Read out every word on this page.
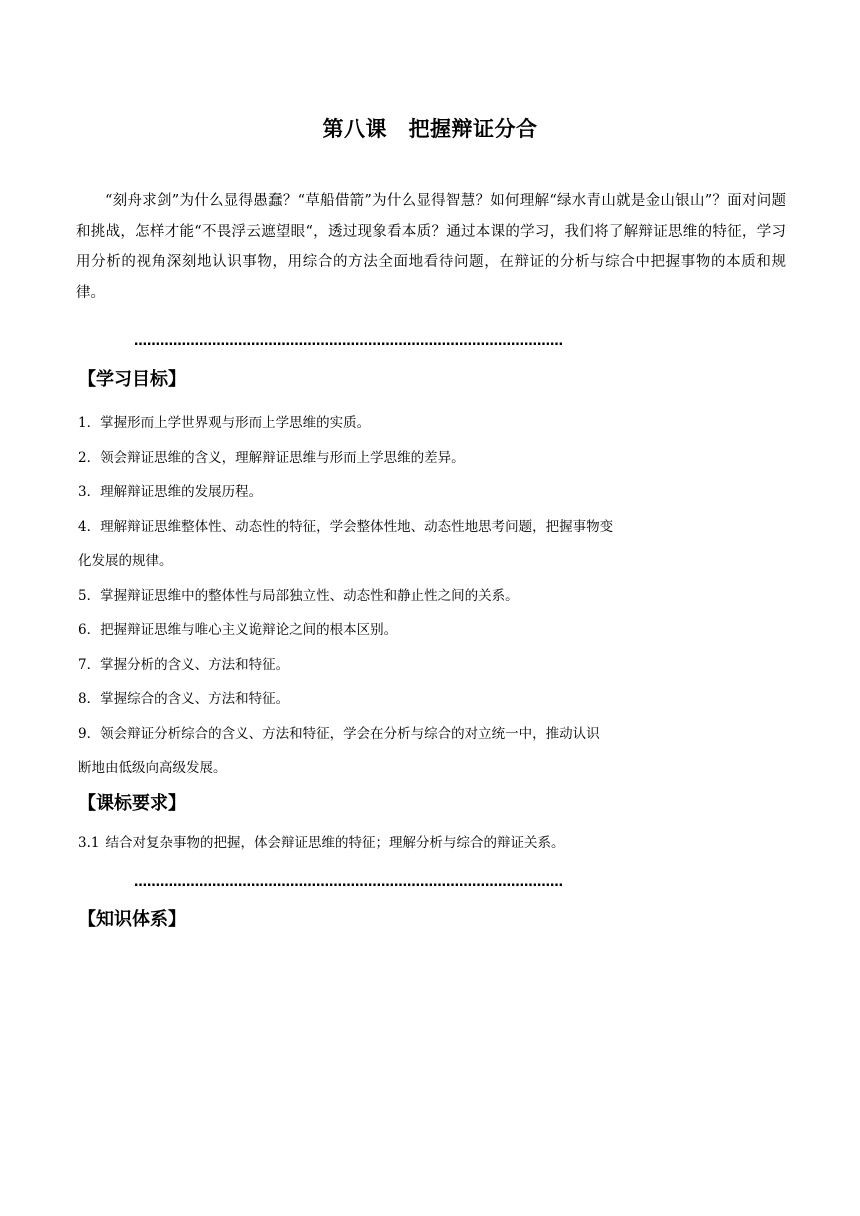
第八课　把握辩证分合
“刻舟求剑”为什么显得愚蠢？“草船借箭”为什么显得智慧？如何理解“绿水青山就是金山银山”？面对问题和挑战，怎样才能“不畏浮云遮望眼“，透过现象看本质？通过本课的学习，我们将了解辩证思维的特征，学习用分析的视角深刻地认识事物，用综合的方法全面地看待问题，在辩证的分析与综合中把握事物的本质和规律。
………………………………………………………………………………………
【学习目标】
1．掌握形而上学世界观与形而上学思维的实质。
2．领会辩证思维的含义，理解辩证思维与形而上学思维的差异。
3．理解辩证思维的发展历程。
4．理解辩证思维整体性、动态性的特征，学会整体性地、动态性地思考问题，把握事物变
化发展的规律。
5．掌握辩证思维中的整体性与局部独立性、动态性和静止性之间的关系。
6．把握辩证思维与唯心主义诡辩论之间的根本区别。
7．掌握分析的含义、方法和特征。
8．掌握综合的含义、方法和特征。
9．领会辩证分析综合的含义、方法和特征，学会在分析与综合的对立统一中，推动认识
断地由低级向高级发展。
【课标要求】
3.1 结合对复杂事物的把握，体会辩证思维的特征；理解分析与综合的辩证关系。
………………………………………………………………………………………
【知识体系】
